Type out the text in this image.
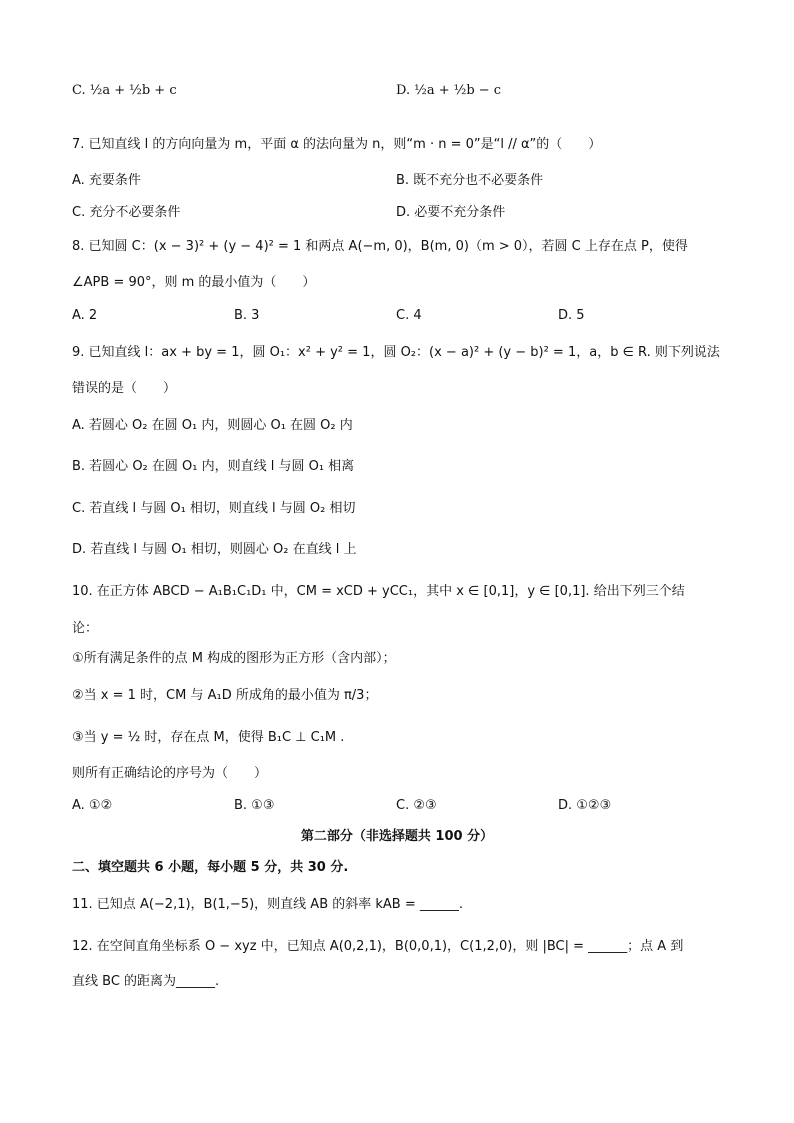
C. ½a + ½b + c	D. ½a + ½b − c
7. 已知直线 l 的方向向量为 m，平面 α 的法向量为 n，则“m · n = 0”是“l // α”的（　　）
A. 充要条件	B. 既不充分也不必要条件
C. 充分不必要条件	D. 必要不充分条件
8. 已知圆 C：(x − 3)² + (y − 4)² = 1 和两点 A(−m, 0)，B(m, 0)（m > 0），若圆 C 上存在点 P，使得
∠APB = 90°，则 m 的最小值为（　　）
A. 2	B. 3	C. 4	D. 5
9. 已知直线 l：ax + by = 1，圆 O₁：x² + y² = 1，圆 O₂：(x − a)² + (y − b)² = 1，a，b ∈ R. 则下列说法
错误的是（　　）
A. 若圆心 O₂ 在圆 O₁ 内，则圆心 O₁ 在圆 O₂ 内
B. 若圆心 O₂ 在圆 O₁ 内，则直线 l 与圆 O₁ 相离
C. 若直线 l 与圆 O₁ 相切，则直线 l 与圆 O₂ 相切
D. 若直线 l 与圆 O₁ 相切，则圆心 O₂ 在直线 l 上
10. 在正方体 ABCD − A₁B₁C₁D₁ 中，CM = xCD + yCC₁，其中 x ∈ [0,1]，y ∈ [0,1]. 给出下列三个结
论：
①所有满足条件的点 M 构成的图形为正方形（含内部）；
②当 x = 1 时，CM 与 A₁D 所成角的最小值为 π/3；
③当 y = ½ 时，存在点 M，使得 B₁C ⊥ C₁M .
则所有正确结论的序号为（　　）
A. ①②	B. ①③	C. ②③	D. ①②③
第二部分（非选择题共 100 分）
二、填空题共 6 小题，每小题 5 分，共 30 分.
11. 已知点 A(−2,1)，B(1,−5)，则直线 AB 的斜率 kAB = ______.
12. 在空间直角坐标系 O − xyz 中，已知点 A(0,2,1)，B(0,0,1)，C(1,2,0)，则 |BC| = ______；点 A 到
直线 BC 的距离为______.
